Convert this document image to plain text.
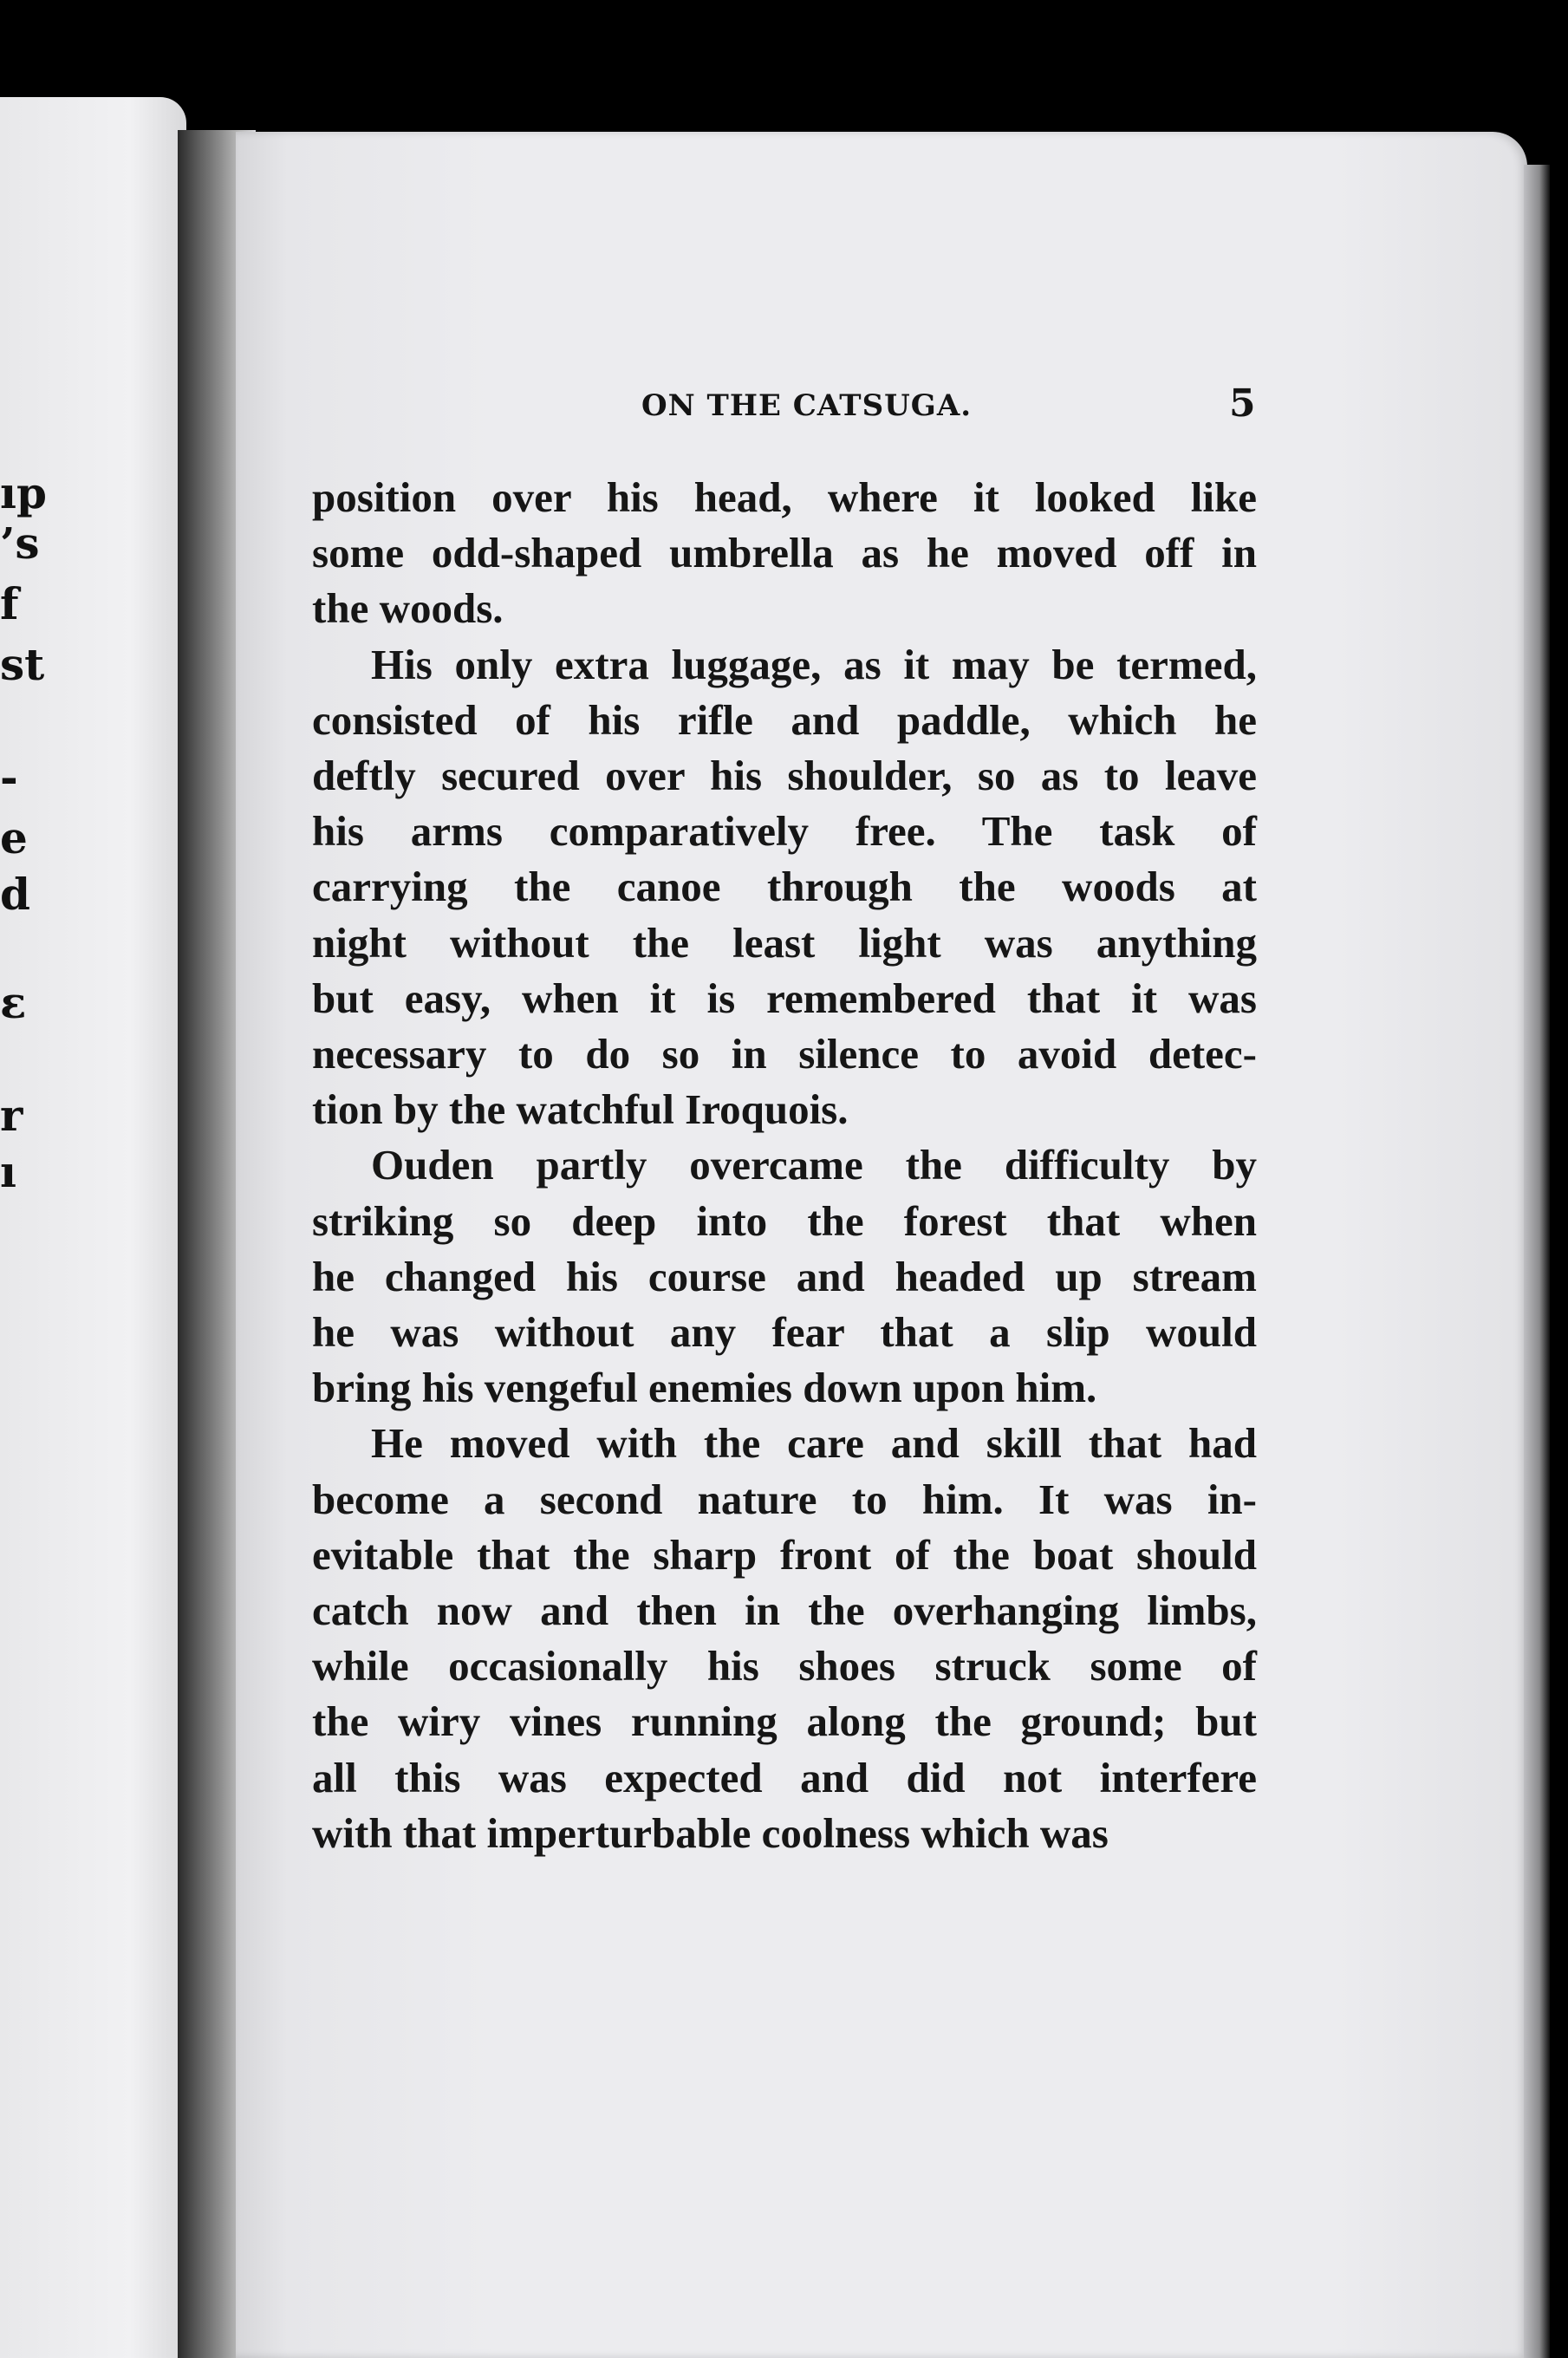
ıp
’s
f
st
-
e
d
ε
r
ı
ON THE CATSUGA.	5
position over his head, where it looked like
some odd-shaped umbrella as he moved off in
the woods.
His only extra luggage, as it may be termed,
consisted of his rifle and paddle, which he
deftly secured over his shoulder, so as to leave
his arms comparatively free. The task of
carrying the canoe through the woods at
night without the least light was anything
but easy, when it is remembered that it was
necessary to do so in silence to avoid detec-
tion by the watchful Iroquois.
Ouden partly overcame the difficulty by
striking so deep into the forest that when
he changed his course and headed up stream
he was without any fear that a slip would
bring his vengeful enemies down upon him.
He moved with the care and skill that had
become a second nature to him. It was in-
evitable that the sharp front of the boat should
catch now and then in the overhanging limbs,
while occasionally his shoes struck some of
the wiry vines running along the ground; but
all this was expected and did not interfere
with that imperturbable coolness which was
